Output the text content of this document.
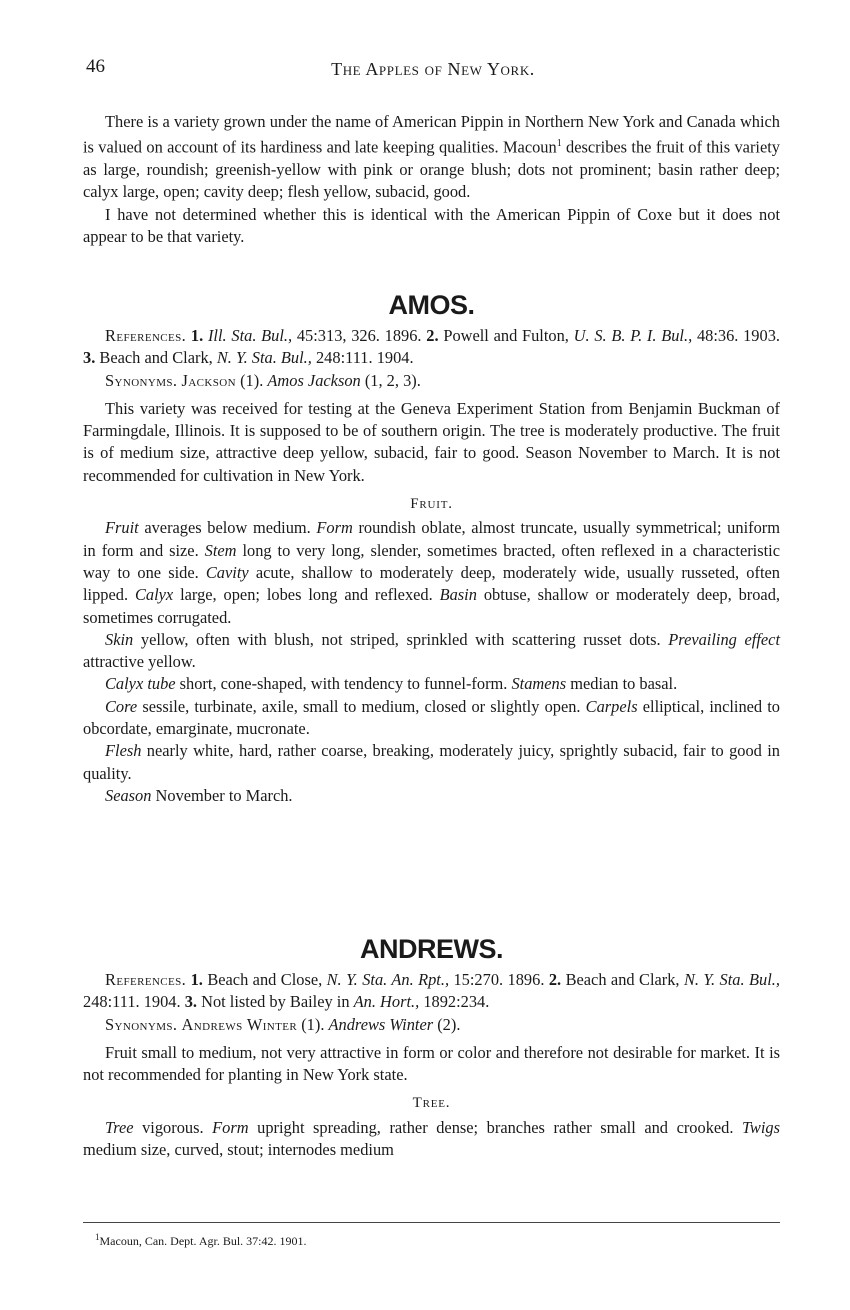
46	The Apples of New York.

There is a variety grown under the name of American Pippin in Northern New York and Canada which is valued on account of its hardiness and late keeping qualities. Macoun$^1$ describes the fruit of this variety as large, roundish; greenish-yellow with pink or orange blush; dots not prominent; basin rather deep; calyx large, open; cavity deep; flesh yellow, subacid, good.

I have not determined whether this is identical with the American Pippin of Coxe but it does not appear to be that variety.

AMOS.

References. 1. Ill. Sta. Bul., 45:313, 326. 1896. 2. Powell and Fulton, U. S. B. P. I. Bul., 48:36. 1903. 3. Beach and Clark, N. Y. Sta. Bul., 248:111. 1904.

Synonyms. Jackson (1). Amos Jackson (1, 2, 3).

This variety was received for testing at the Geneva Experiment Station from Benjamin Buckman of Farmingdale, Illinois. It is supposed to be of southern origin. The tree is moderately productive. The fruit is of medium size, attractive deep yellow, subacid, fair to good. Season November to March. It is not recommended for cultivation in New York.

Fruit.

Fruit averages below medium. Form roundish oblate, almost truncate, usually symmetrical; uniform in form and size. Stem long to very long, slender, sometimes bracted, often reflexed in a characteristic way to one side. Cavity acute, shallow to moderately deep, moderately wide, usually russeted, often lipped. Calyx large, open; lobes long and reflexed. Basin obtuse, shallow or moderately deep, broad, sometimes corrugated.

Skin yellow, often with blush, not striped, sprinkled with scattering russet dots. Prevailing effect attractive yellow.

Calyx tube short, cone-shaped, with tendency to funnel-form. Stamens median to basal.

Core sessile, turbinate, axile, small to medium, closed or slightly open. Carpels elliptical, inclined to obcordate, emarginate, mucronate.

Flesh nearly white, hard, rather coarse, breaking, moderately juicy, sprightly subacid, fair to good in quality.

Season November to March.

ANDREWS.

References. 1. Beach and Close, N. Y. Sta. An. Rpt., 15:270. 1896. 2. Beach and Clark, N. Y. Sta. Bul., 248:111. 1904. 3. Not listed by Bailey in An. Hort., 1892:234.

Synonyms. Andrews Winter (1). Andrews Winter (2).

Fruit small to medium, not very attractive in form or color and therefore not desirable for market. It is not recommended for planting in New York state.

Tree.

Tree vigorous. Form upright spreading, rather dense; branches rather small and crooked. Twigs medium size, curved, stout; internodes medium

$^1$Macoun, Can. Dept. Agr. Bul. 37:42. 1901.
